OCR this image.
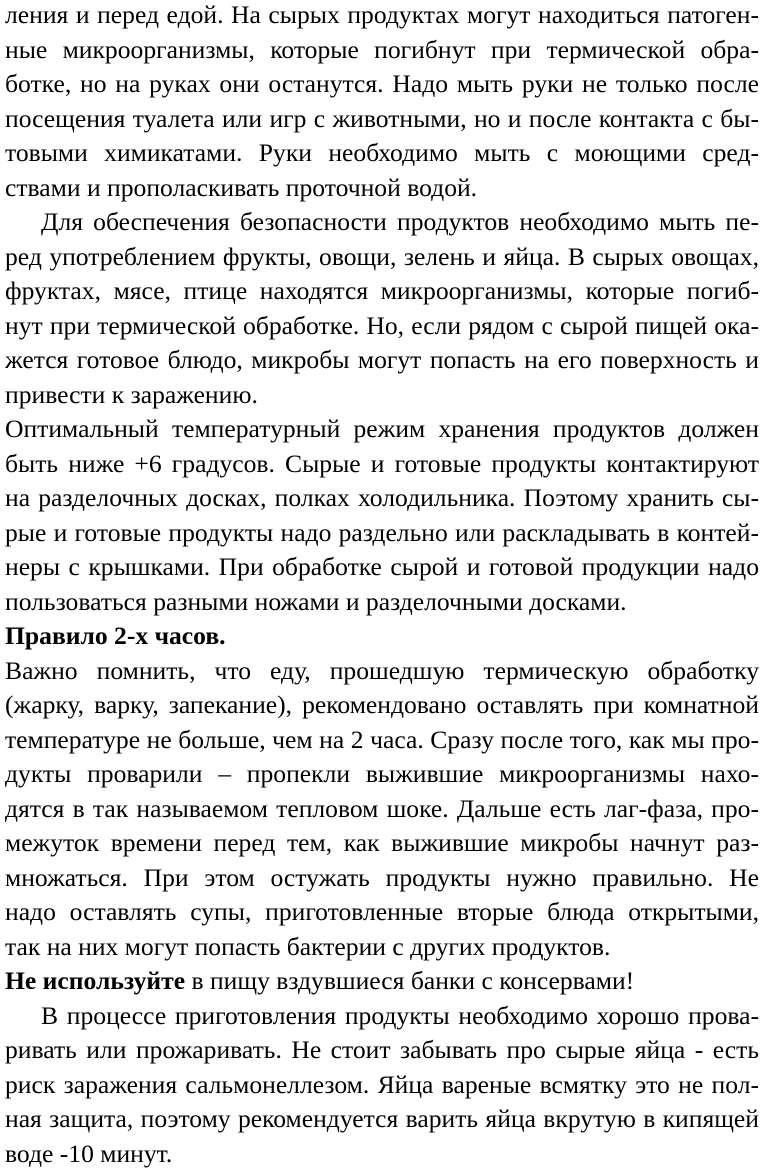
ления и перед едой. На сырых продуктах могут находиться патоген-
ные микроорганизмы, которые погибнут при термической обра-
ботке, но на руках они останутся. Надо мыть руки не только после
посещения туалета или игр с животными, но и после контакта с бы-
товыми химикатами. Руки необходимо мыть с моющими сред-
ствами и прополаскивать проточной водой.
Для обеспечения безопасности продуктов необходимо мыть пе-
ред употреблением фрукты, овощи, зелень и яйца. В сырых овощах,
фруктах, мясе, птице находятся микроорганизмы, которые погиб-
нут при термической обработке. Но, если рядом с сырой пищей ока-
жется готовое блюдо, микробы могут попасть на его поверхность и
привести к заражению.
Оптимальный температурный режим хранения продуктов должен
быть ниже +6 градусов. Сырые и готовые продукты контактируют
на разделочных досках, полках холодильника. Поэтому хранить сы-
рые и готовые продукты надо раздельно или раскладывать в контей-
неры с крышками. При обработке сырой и готовой продукции надо
пользоваться разными ножами и разделочными досками.
Правило 2-х часов.
Важно помнить, что еду, прошедшую термическую обработку
(жарку, варку, запекание), рекомендовано оставлять при комнатной
температуре не больше, чем на 2 часа. Сразу после того, как мы про-
дукты проварили – пропекли выжившие микроорганизмы нахо-
дятся в так называемом тепловом шоке. Дальше есть лаг-фаза, про-
межуток времени перед тем, как выжившие микробы начнут раз-
множаться. При этом остужать продукты нужно правильно. Не
надо оставлять супы, приготовленные вторые блюда открытыми,
так на них могут попасть бактерии с других продуктов.
Не используйте в пищу вздувшиеся банки с консервами!
В процессе приготовления продукты необходимо хорошо прова-
ривать или прожаривать. Не стоит забывать про сырые яйца - есть
риск заражения сальмонеллезом. Яйца вареные всмятку это не пол-
ная защита, поэтому рекомендуется варить яйца вкрутую в кипящей
воде -10 минут.
